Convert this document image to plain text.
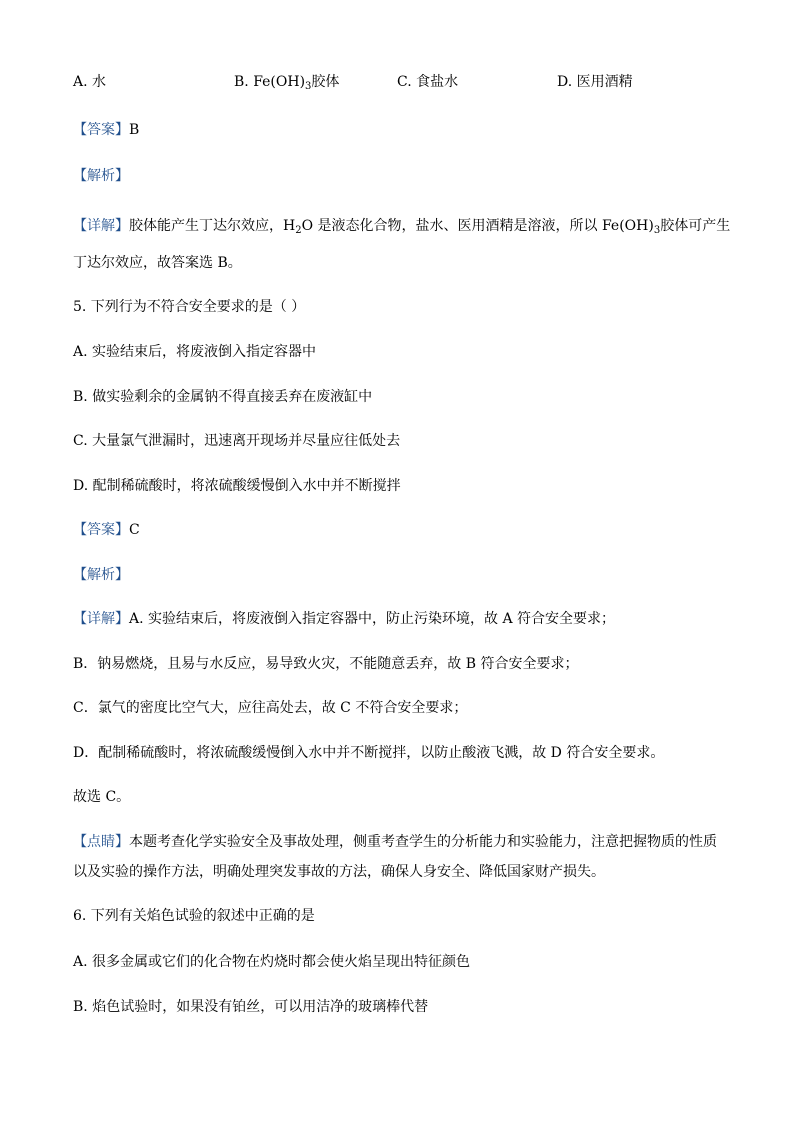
A. 水	B. $Fe(OH)_3$胶体	C. 食盐水	D. 医用酒精
【答案】B
【解析】
【详解】胶体能产生丁达尔效应，$H_2O$ 是液态化合物，盐水、医用酒精是溶液，所以 $Fe(OH)_3$胶体可产生
丁达尔效应，故答案选 B。
5. 下列行为不符合安全要求的是（ ）
A. 实验结束后，将废液倒入指定容器中
B. 做实验剩余的金属钠不得直接丢弃在废液缸中
C. 大量氯气泄漏时，迅速离开现场并尽量应往低处去
D. 配制稀硫酸时，将浓硫酸缓慢倒入水中并不断搅拌
【答案】C
【解析】
【详解】A. 实验结束后，将废液倒入指定容器中，防止污染环境，故 A 符合安全要求；
B．钠易燃烧，且易与水反应，易导致火灾，不能随意丢弃，故 B 符合安全要求；
C．氯气的密度比空气大，应往高处去，故 C 不符合安全要求；
D．配制稀硫酸时，将浓硫酸缓慢倒入水中并不断搅拌，以防止酸液飞溅，故 D 符合安全要求。
故选 C。
【点睛】本题考查化学实验安全及事故处理，侧重考查学生的分析能力和实验能力，注意把握物质的性质
以及实验的操作方法，明确处理突发事故的方法，确保人身安全、降低国家财产损失。
6. 下列有关焰色试验的叙述中正确的是
A. 很多金属或它们的化合物在灼烧时都会使火焰呈现出特征颜色
B. 焰色试验时，如果没有铂丝，可以用洁净的玻璃棒代替
